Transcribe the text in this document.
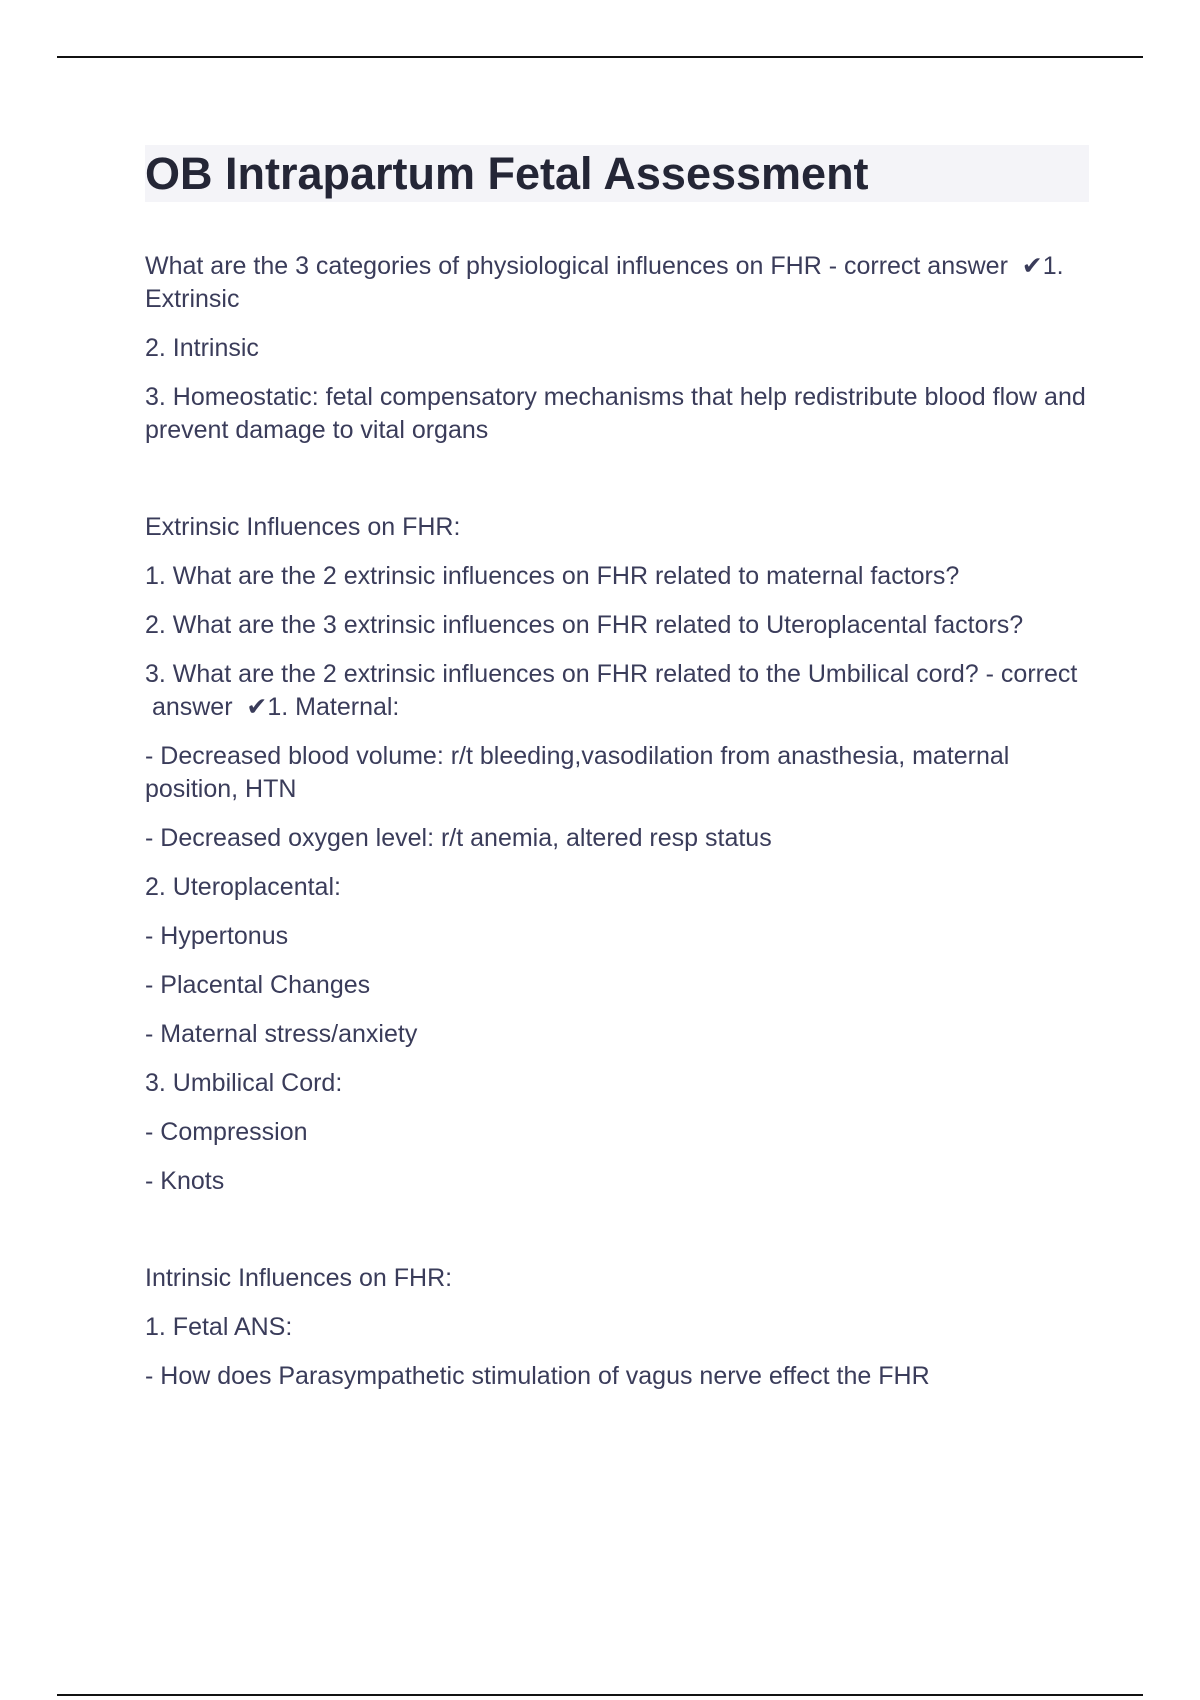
OB Intrapartum Fetal Assessment

What are the 3 categories of physiological influences on FHR - correct answer  ✔1. Extrinsic

2. Intrinsic

3. Homeostatic: fetal compensatory mechanisms that help redistribute blood flow and prevent damage to vital organs

Extrinsic Influences on FHR:

1. What are the 2 extrinsic influences on FHR related to maternal factors?

2. What are the 3 extrinsic influences on FHR related to Uteroplacental factors?

3. What are the 2 extrinsic influences on FHR related to the Umbilical cord? - correct  answer  ✔1. Maternal:

- Decreased blood volume: r/t bleeding,vasodilation from anasthesia, maternal position, HTN

- Decreased oxygen level: r/t anemia, altered resp status

2. Uteroplacental:

- Hypertonus

- Placental Changes

- Maternal stress/anxiety

3. Umbilical Cord:

- Compression

- Knots

Intrinsic Influences on FHR:

1. Fetal ANS:

- How does Parasympathetic stimulation of vagus nerve effect the FHR
